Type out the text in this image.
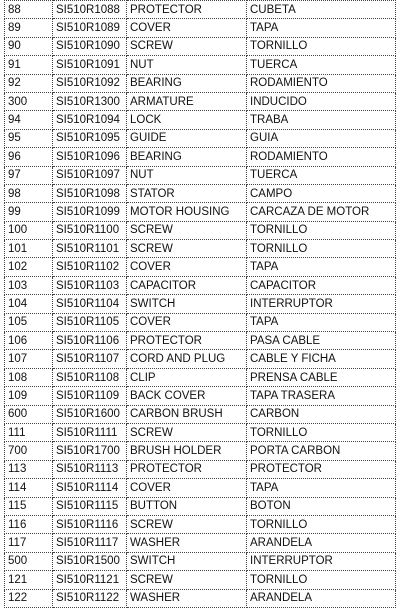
88	SI510R1088	PROTECTOR	CUBETA
89	SI510R1089	COVER	TAPA
90	SI510R1090	SCREW	TORNILLO
91	SI510R1091	NUT	TUERCA
92	SI510R1092	BEARING	RODAMIENTO
300	SI510R1300	ARMATURE	INDUCIDO
94	SI510R1094	LOCK	TRABA
95	SI510R1095	GUIDE	GUIA
96	SI510R1096	BEARING	RODAMIENTO
97	SI510R1097	NUT	TUERCA
98	SI510R1098	STATOR	CAMPO
99	SI510R1099	MOTOR HOUSING	CARCAZA DE MOTOR
100	SI510R1100	SCREW	TORNILLO
101	SI510R1101	SCREW	TORNILLO
102	SI510R1102	COVER	TAPA
103	SI510R1103	CAPACITOR	CAPACITOR
104	SI510R1104	SWITCH	INTERRUPTOR
105	SI510R1105	COVER	TAPA
106	SI510R1106	PROTECTOR	PASA CABLE
107	SI510R1107	CORD AND PLUG	CABLE Y FICHA
108	SI510R1108	CLIP	PRENSA CABLE
109	SI510R1109	BACK COVER	TAPA TRASERA
600	SI510R1600	CARBON BRUSH	CARBON
111	SI510R1111	SCREW	TORNILLO
700	SI510R1700	BRUSH HOLDER	PORTA CARBON
113	SI510R1113	PROTECTOR	PROTECTOR
114	SI510R1114	COVER	TAPA
115	SI510R1115	BUTTON	BOTON
116	SI510R1116	SCREW	TORNILLO
117	SI510R1117	WASHER	ARANDELA
500	SI510R1500	SWITCH	INTERRUPTOR
121	SI510R1121	SCREW	TORNILLO
122	SI510R1122	WASHER	ARANDELA
